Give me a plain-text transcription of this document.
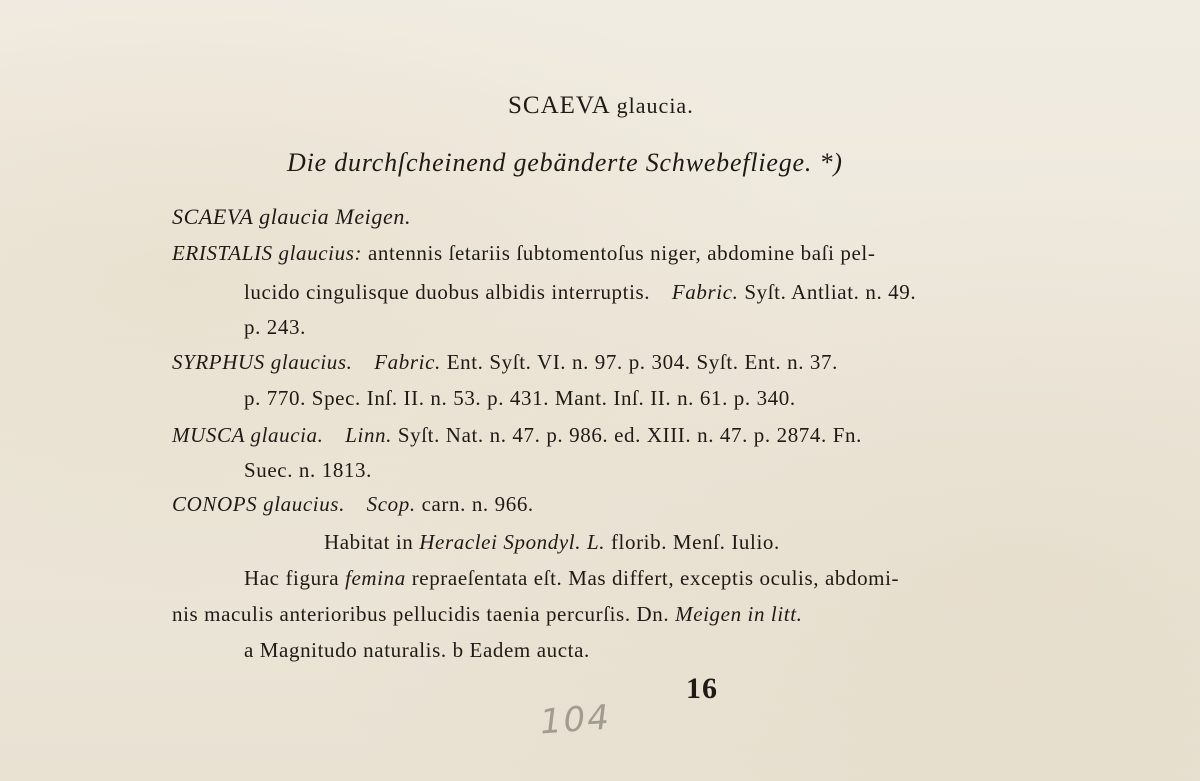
SCAEVA glaucia.
Die durchſcheinend gebänderte Schwebefliege. *)
SCAEVA glaucia Meigen.
ERISTALIS glaucius: antennis ſetariis ſubtomentoſus niger, abdomine baſi pel-
lucido cingulisque duobus albidis interruptis. Fabric. Syſt. Antliat. n. 49.
p. 243.
SYRPHUS glaucius. Fabric. Ent. Syſt. VI. n. 97. p. 304. Syſt. Ent. n. 37.
p. 770. Spec. Inſ. II. n. 53. p. 431. Mant. Inſ. II. n. 61. p. 340.
MUSCA glaucia. Linn. Syſt. Nat. n. 47. p. 986. ed. XIII. n. 47. p. 2874. Fn.
Suec. n. 1813.
CONOPS glaucius. Scop. carn. n. 966.
Habitat in Heraclei Spondyl. L. florib. Menſ. Iulio.
Hac figura femina repraeſentata eſt. Mas differt, exceptis oculis, abdomi-
nis maculis anterioribus pellucidis taenia percurſis. Dn. Meigen in litt.
a Magnitudo naturalis. b Eadem aucta.
16
104
